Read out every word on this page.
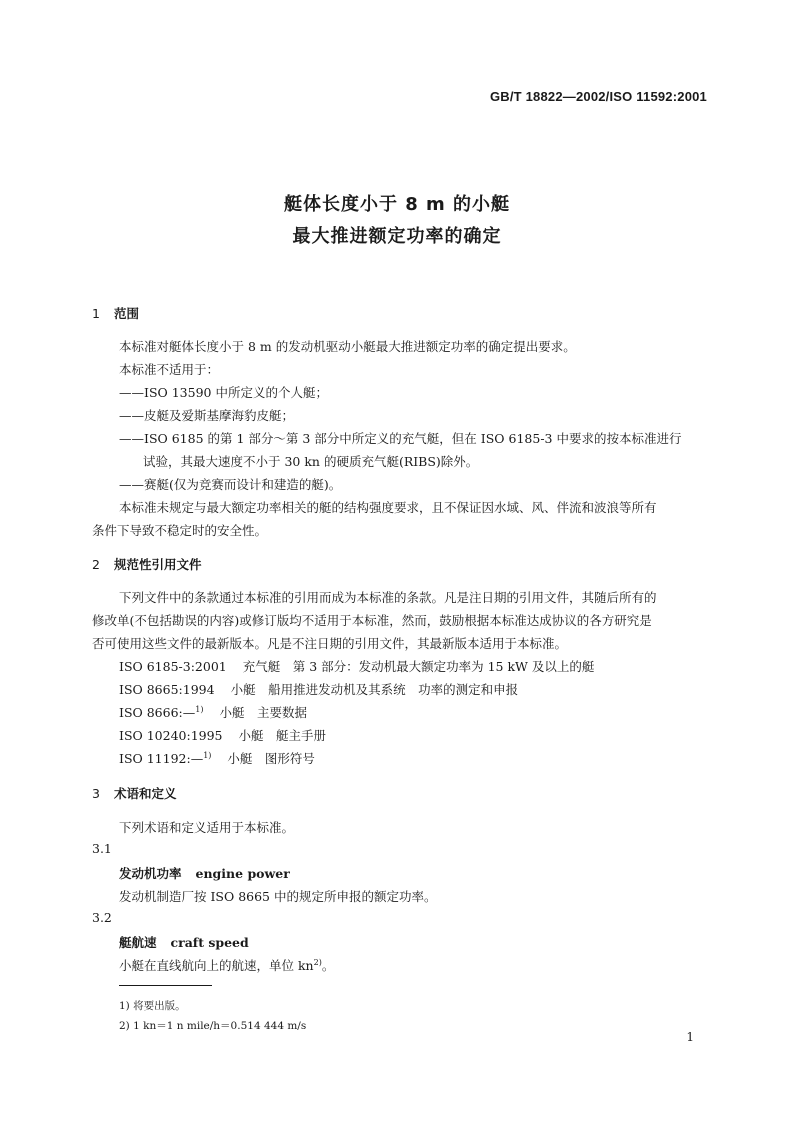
GB/T 18822—2002/ISO 11592:2001
艇体长度小于 8 m 的小艇
最大推进额定功率的确定
1 范围
本标准对艇体长度小于 8 m 的发动机驱动小艇最大推进额定功率的确定提出要求。
本标准不适用于：
——ISO 13590 中所定义的个人艇；
——皮艇及爱斯基摩海豹皮艇；
——ISO 6185 的第 1 部分～第 3 部分中所定义的充气艇，但在 ISO 6185-3 中要求的按本标准进行
试验，其最大速度不小于 30 kn 的硬质充气艇(RIBS)除外。
——赛艇(仅为竞赛而设计和建造的艇)。
本标准未规定与最大额定功率相关的艇的结构强度要求，且不保证因水域、风、伴流和波浪等所有
条件下导致不稳定时的安全性。
2 规范性引用文件
下列文件中的条款通过本标准的引用而成为本标准的条款。凡是注日期的引用文件，其随后所有的
修改单(不包括勘误的内容)或修订版均不适用于本标准，然而，鼓励根据本标准达成协议的各方研究是
否可使用这些文件的最新版本。凡是不注日期的引用文件，其最新版本适用于本标准。
ISO 6185-3:2001 充气艇　第 3 部分：发动机最大额定功率为 15 kW 及以上的艇
ISO 8665:1994 小艇　船用推进发动机及其系统　功率的测定和申报
ISO 8666:—$^{1)}$ 小艇　主要数据
ISO 10240:1995 小艇　艇主手册
ISO 11192:—$^{1)}$ 小艇　图形符号
3 术语和定义
下列术语和定义适用于本标准。
3.1
发动机功率 engine power
发动机制造厂按 ISO 8665 中的规定所申报的额定功率。
3.2
艇航速 craft speed
小艇在直线航向上的航速，单位 $kn^{2)}$。
1) 将要出版。
2) 1 kn＝1 n mile/h＝0.514 444 m/s
1
